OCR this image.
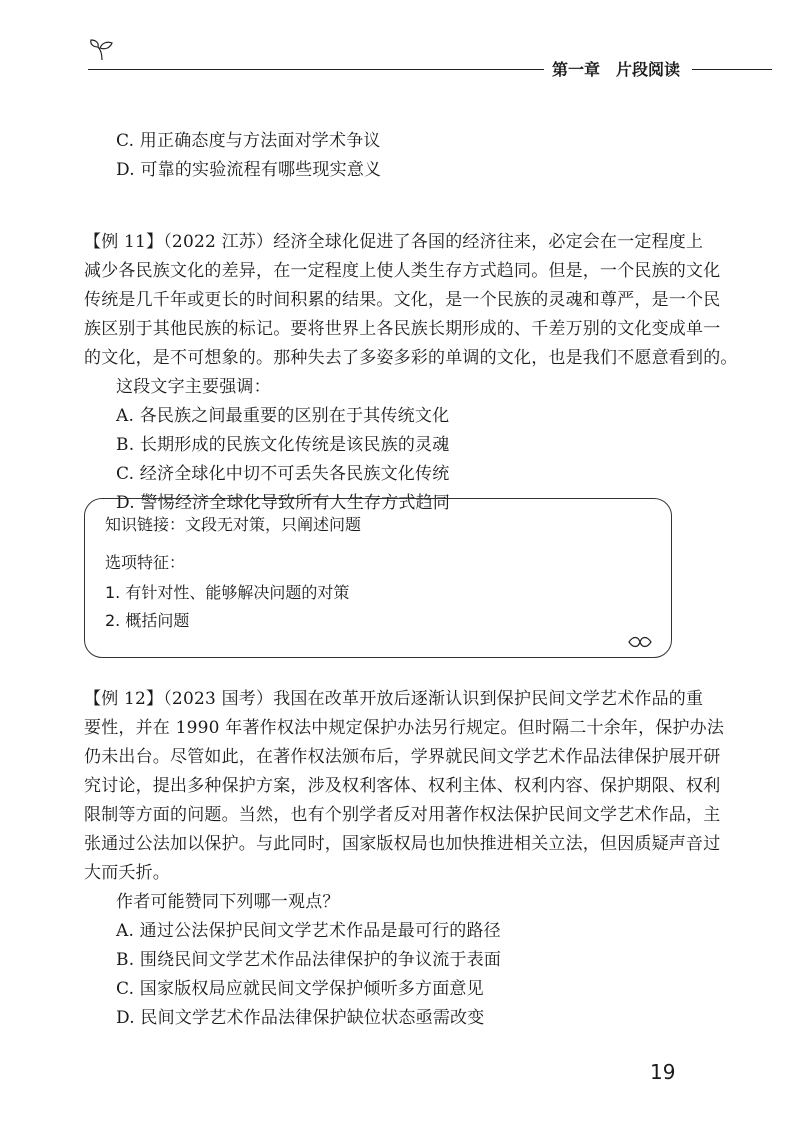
第一章　片段阅读
C. 用正确态度与方法面对学术争议
D. 可靠的实验流程有哪些现实意义
【例 11】（2022 江苏）经济全球化促进了各国的经济往来，必定会在一定程度上
减少各民族文化的差异，在一定程度上使人类生存方式趋同。但是，一个民族的文化
传统是几千年或更长的时间积累的结果。文化，是一个民族的灵魂和尊严，是一个民
族区别于其他民族的标记。要将世界上各民族长期形成的、千差万别的文化变成单一
的文化，是不可想象的。那种失去了多姿多彩的单调的文化，也是我们不愿意看到的。
这段文字主要强调：
A. 各民族之间最重要的区别在于其传统文化
B. 长期形成的民族文化传统是该民族的灵魂
C. 经济全球化中切不可丢失各民族文化传统
D. 警惕经济全球化导致所有人生存方式趋同
知识链接：文段无对策，只阐述问题
选项特征：
1. 有针对性、能够解决问题的对策
2. 概括问题
【例 12】（2023 国考）我国在改革开放后逐渐认识到保护民间文学艺术作品的重
要性，并在 1990 年著作权法中规定保护办法另行规定。但时隔二十余年，保护办法
仍未出台。尽管如此，在著作权法颁布后，学界就民间文学艺术作品法律保护展开研
究讨论，提出多种保护方案，涉及权利客体、权利主体、权利内容、保护期限、权利
限制等方面的问题。当然，也有个别学者反对用著作权法保护民间文学艺术作品，主
张通过公法加以保护。与此同时，国家版权局也加快推进相关立法，但因质疑声音过
大而夭折。
作者可能赞同下列哪一观点？
A. 通过公法保护民间文学艺术作品是最可行的路径
B. 围绕民间文学艺术作品法律保护的争议流于表面
C. 国家版权局应就民间文学保护倾听多方面意见
D. 民间文学艺术作品法律保护缺位状态亟需改变
19
